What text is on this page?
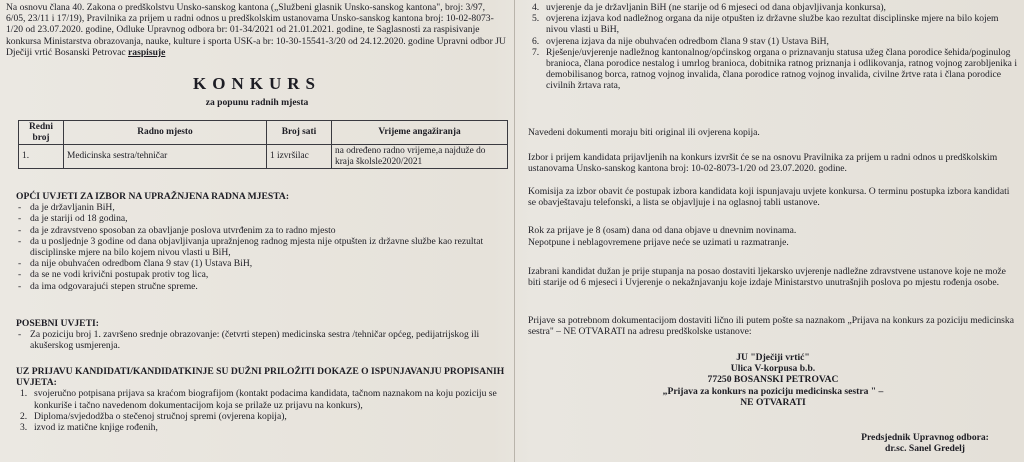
Na osnovu člana 40. Zakona o predškolstvu Unsko-sanskog kantona („Službeni glasnik Unsko-sanskog kantona", broj: 3/97, 6/05, 23/11 i 17/19), Pravilnika za prijem u radni odnos u predškolskim ustanovama Unsko-sanskog kantona broj: 10-02-8073-1/20 od 23.07.2020. godine, Odluke Upravnog odbora br: 01-34/2021 od 21.01.2021. godine, te Saglasnosti za raspisivanje konkursa Ministarstva obrazovanja, nauke, kulture i sporta USK-a br: 10-30-15541-3/20 od 24.12.2020. godine Upravni odbor JU Dječiji vrtić Bosanski Petrovac raspisuje

KONKURS
za popunu radnih mjesta
Redni broj	Radno mjesto	Broj sati	Vrijeme angažiranja
1.	Medicinska sestra/tehničar	1 izvršilac	na određeno radno vrijeme,a najduže do kraja školsle2020/2021

OPĆI UVJETI ZA IZBOR NA UPRAŽNJENA RADNA MJESTA:

- da je državljanin BiH,
- da je stariji od 18 godina,
- da je zdravstveno sposoban za obavljanje poslova utvrđenim za to radno mjesto
- da u posljednje 3 godine od dana objavljivanja upražnjenog radnog mjesta nije otpušten iz državne službe kao rezultat disciplinske mjere na bilo kojem nivou vlasti u BiH,
- da nije obuhvaćen odredbom člana 9 stav (1) Ustava BiH,
- da se ne vodi krivični postupak protiv tog lica,
- da ima odgovarajući stepen stručne spreme.

POSEBNI UVJETI:

- Za poziciju broj 1. završeno srednje obrazovanje: (četvrti stepen) medicinska sestra /tehničar općeg, pedijatrijskog ili akušerskog usmjerenja.

UZ PRIJAVU KANDIDATI/KANDIDATKINJE SU DUŽNI PRILOŽITI DOKAZE O ISPUNJAVANJU PROPISANIH UVJETA:

1. svojeručno potpisana prijava sa kraćom biografijom (kontakt podacima kandidata, tačnom naznakom na koju poziciju se konkuriše i tačno navedenom dokumentacijom koja se prilaže uz prijavu na konkurs),
2. Diploma/svjedodžba o stečenoj stručnoj spremi (ovjerena kopija),
3. izvod iz matične knjige rođenih,
4. uvjerenje da je državljanin BiH (ne starije od 6 mjeseci od dana objavljivanja konkursa),
5. ovjerena izjava kod nadležnog organa da nije otpušten iz državne službe kao rezultat disciplinske mjere na bilo kojem nivou vlasti u BiH,
6. ovjerena izjava da nije obuhvaćen odredbom člana 9 stav (1) Ustava BiH,
7. Rješenje/uvjerenje nadležnog kantonalnog/općinskog organa o priznavanju statusa užeg člana porodice šehida/poginulog branioca, člana porodice nestalog i umrlog branioca, dobitnika ratnog priznanja i odlikovanja, ratnog vojnog zarobljenika i demobilisanog borca, ratnog vojnog invalida, člana porodice ratnog vojnog invalida, civilne žrtve rata i člana porodice civilnih žrtava rata,

Navedeni dokumenti moraju biti original ili ovjerena kopija.

Izbor i prijem kandidata prijavljenih na konkurs izvršit će se na osnovu Pravilnika za prijem u radni odnos u predškolskim ustanovama Unsko-sanskog kantona broj: 10-02-8073-1/20 od 23.07.2020. godine.

Komisija za izbor obavit će postupak izbora kandidata koji ispunjavaju uvjete konkursa. O terminu postupka izbora kandidati se obavještavaju telefonski, a lista se objavljuje i na oglasnoj tabli ustanove.

Rok za prijave je 8 (osam) dana od dana objave u dnevnim novinama.

Nepotpune i neblagovremene prijave neće se uzimati u razmatranje.

Izabrani kandidat dužan je prije stupanja na posao dostaviti ljekarsko uvjerenje nadležne zdravstvene ustanove koje ne može biti starije od 6 mjeseci i Uvjerenje o nekažnjavanju koje izdaje Ministarstvo unutrašnjih poslova po mjestu rođenja osobe.

Prijave sa potrebnom dokumentacijom dostaviti lično ili putem pošte sa naznakom „Prijava na konkurs za poziciju medicinska sestra" – NE OTVARATI na adresu predškolske ustanove:

JU "Dječiji vrtić"
Ulica V-korpusa b.b.
77250 BOSANSKI PETROVAC
„Prijava za konkurs na poziciju medicinska sestra " –
NE OTVARATI
Predsjednik Upravnog odbora:
dr.sc. Sanel Gredelj
